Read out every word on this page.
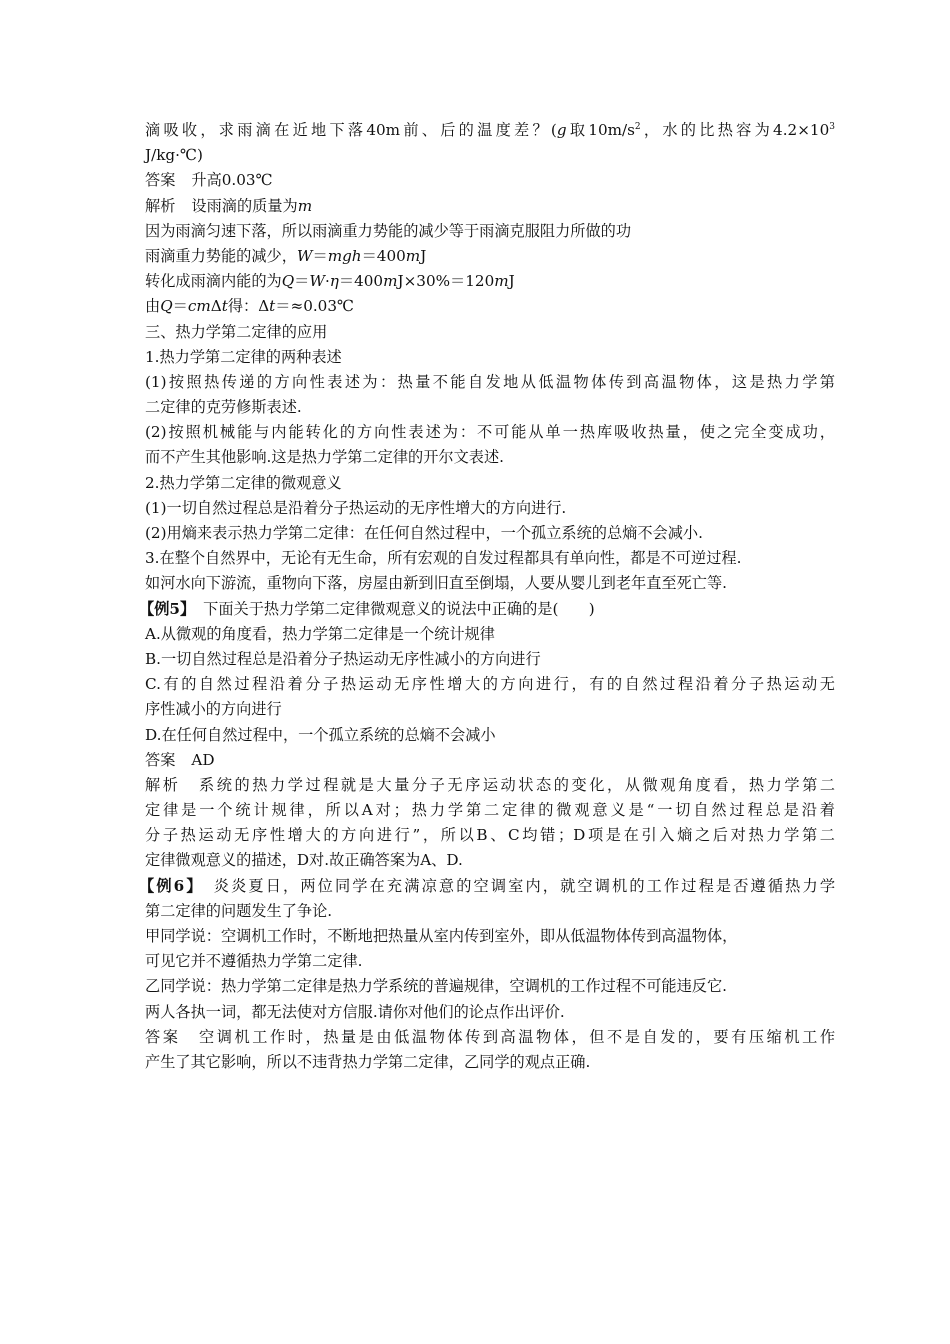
滴吸收，求雨滴在近地下落40m前、后的温度差？(g取$10m/s^2$，水的比热容为$4.2\times 10^3$
J/kg·℃)
答案 升高0.03℃
解析 设雨滴的质量为m
因为雨滴匀速下落，所以雨滴重力势能的减少等于雨滴克服阻力所做的功
雨滴重力势能的减少，W＝mgh＝400mJ
转化成雨滴内能的为Q＝W·η＝400mJ×30%＝120mJ
由Q＝cmΔt得：Δt＝≈0.03℃
三、热力学第二定律的应用
1.热力学第二定律的两种表述
(1)按照热传递的方向性表述为：热量不能自发地从低温物体传到高温物体，这是热力学第
二定律的克劳修斯表述.
(2)按照机械能与内能转化的方向性表述为：不可能从单一热库吸收热量，使之完全变成功，
而不产生其他影响.这是热力学第二定律的开尔文表述.
2.热力学第二定律的微观意义
(1)一切自然过程总是沿着分子热运动的无序性增大的方向进行.
(2)用熵来表示热力学第二定律：在任何自然过程中，一个孤立系统的总熵不会减小.
3.在整个自然界中，无论有无生命，所有宏观的自发过程都具有单向性，都是不可逆过程.
如河水向下游流，重物向下落，房屋由新到旧直至倒塌，人要从婴儿到老年直至死亡等.
【例5】 下面关于热力学第二定律微观意义的说法中正确的是(　　)
A.从微观的角度看，热力学第二定律是一个统计规律
B.一切自然过程总是沿着分子热运动无序性减小的方向进行
C.有的自然过程沿着分子热运动无序性增大的方向进行，有的自然过程沿着分子热运动无
序性减小的方向进行
D.在任何自然过程中，一个孤立系统的总熵不会减小
答案 AD
解析 系统的热力学过程就是大量分子无序运动状态的变化，从微观角度看，热力学第二
定律是一个统计规律，所以A对；热力学第二定律的微观意义是“一切自然过程总是沿着
分子热运动无序性增大的方向进行”，所以B、C均错；D项是在引入熵之后对热力学第二
定律微观意义的描述，D对.故正确答案为A、D.
【例6】 炎炎夏日，两位同学在充满凉意的空调室内，就空调机的工作过程是否遵循热力学
第二定律的问题发生了争论.
甲同学说：空调机工作时，不断地把热量从室内传到室外，即从低温物体传到高温物体，
可见它并不遵循热力学第二定律.
乙同学说：热力学第二定律是热力学系统的普遍规律，空调机的工作过程不可能违反它.
两人各执一词，都无法使对方信服.请你对他们的论点作出评价.
答案 空调机工作时，热量是由低温物体传到高温物体，但不是自发的，要有压缩机工作
产生了其它影响，所以不违背热力学第二定律，乙同学的观点正确.
